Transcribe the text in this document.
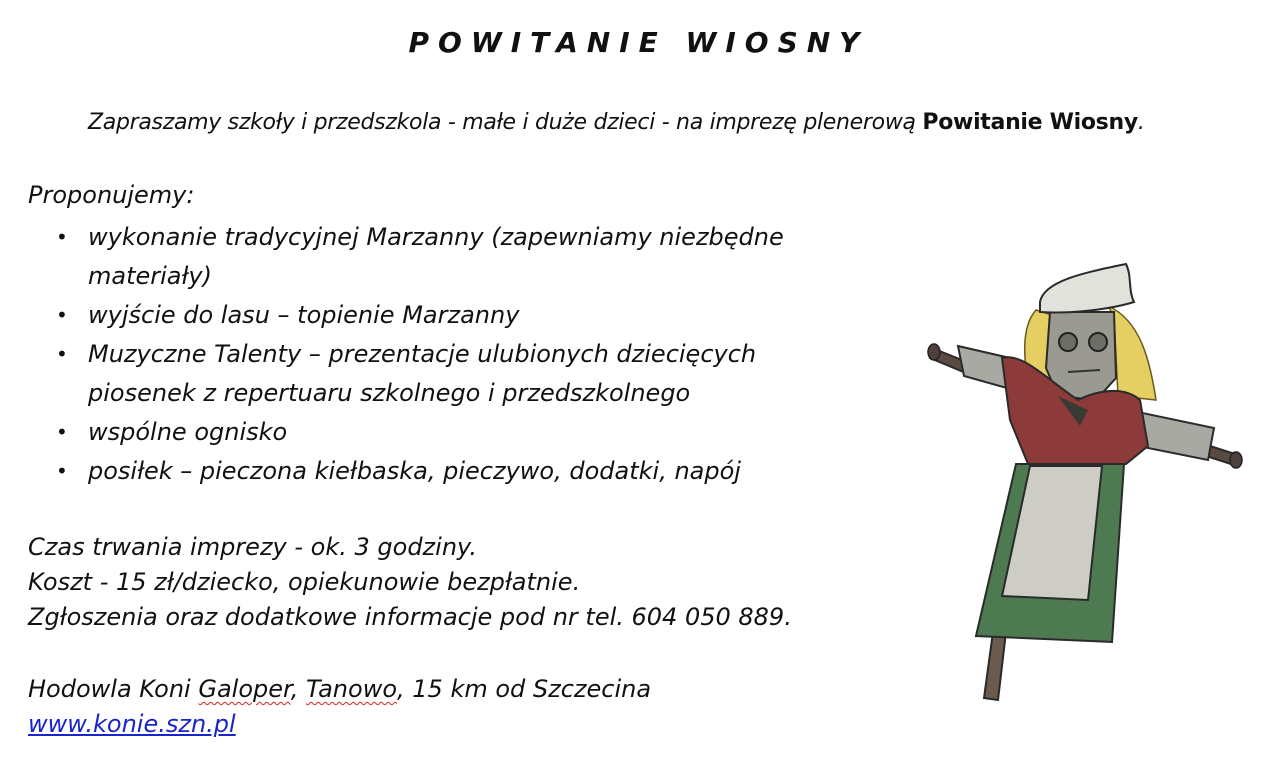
POWITANIE WIOSNY
Zapraszamy szkoły i przedszkola - małe i duże dzieci - na imprezę plenerową Powitanie Wiosny.
Proponujemy:
• wykonanie tradycyjnej Marzanny (zapewniamy niezbędne materiały)
• wyjście do lasu – topienie Marzanny
• Muzyczne Talenty – prezentacje ulubionych dziecięcych piosenek z repertuaru szkolnego i przedszkolnego
• wspólne ognisko
• posiłek – pieczona kiełbaska, pieczywo, dodatki, napój
Czas trwania imprezy - ok. 3 godziny.
Koszt - 15 zł/dziecko, opiekunowie bezpłatnie.
Zgłoszenia oraz dodatkowe informacje pod nr tel. 604 050 889.
Hodowla Koni Galoper, Tanowo, 15 km od Szczecina
www.konie.szn.pl
